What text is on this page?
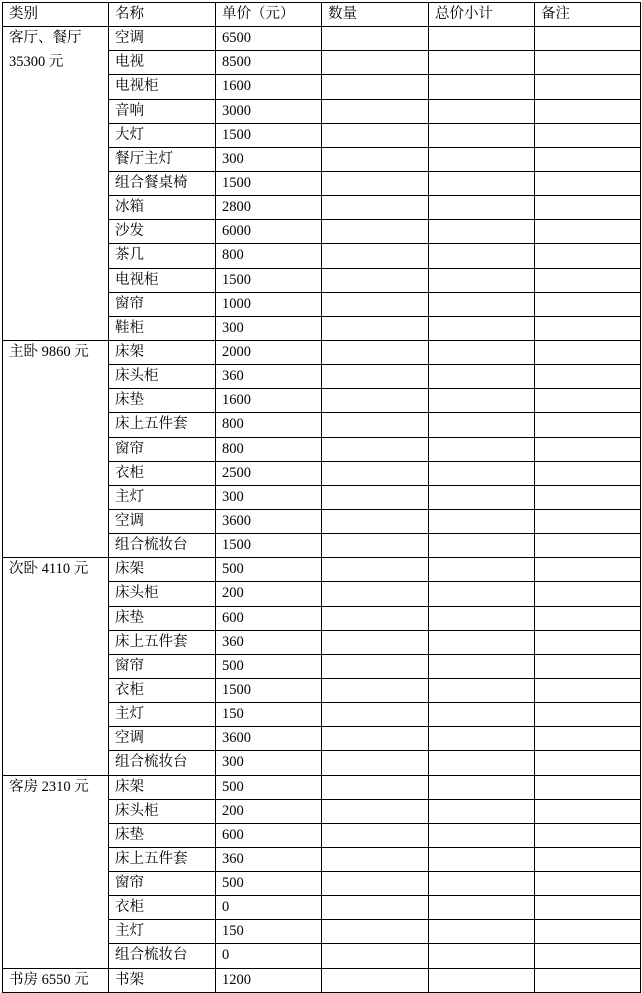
类别	名称	单价（元）	数量	总价小计	备注
客厅、餐厅 35300 元	空调	6500			
	电视	8500			
	电视柜	1600			
	音响	3000			
	大灯	1500			
	餐厅主灯	300			
	组合餐桌椅	1500			
	冰箱	2800			
	沙发	6000			
	茶几	800			
	电视柜	1500			
	窗帘	1000			
	鞋柜	300			
主卧 9860 元	床架	2000			
	床头柜	360			
	床垫	1600			
	床上五件套	800			
	窗帘	800			
	衣柜	2500			
	主灯	300			
	空调	3600			
	组合梳妆台	1500			
次卧 4110 元	床架	500			
	床头柜	200			
	床垫	600			
	床上五件套	360			
	窗帘	500			
	衣柜	1500			
	主灯	150			
	空调	3600			
	组合梳妆台	300			
客房 2310 元	床架	500			
	床头柜	200			
	床垫	600			
	床上五件套	360			
	窗帘	500			
	衣柜	0			
	主灯	150			
	组合梳妆台	0			
书房 6550 元	书架	1200			
